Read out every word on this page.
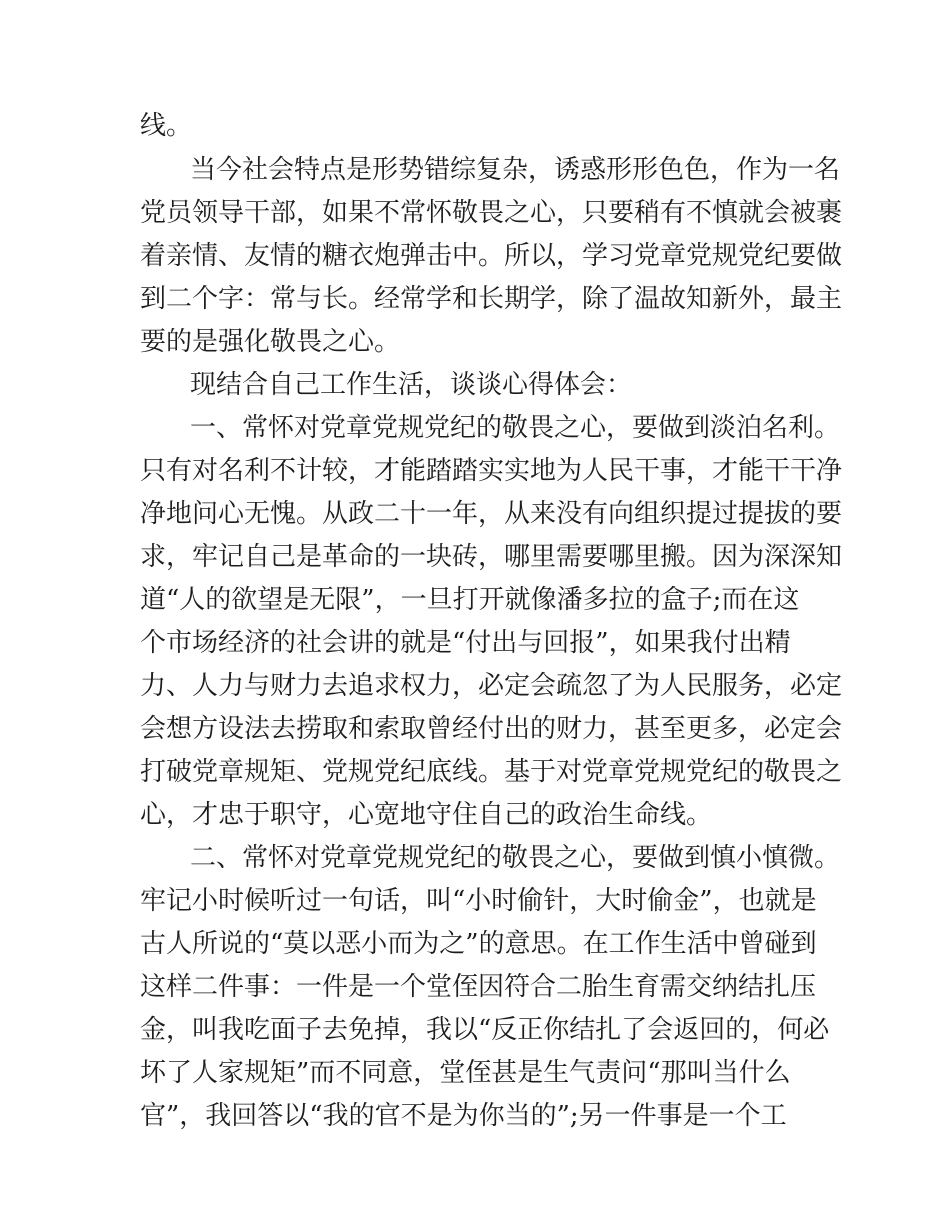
线。
当今社会特点是形势错综复杂，诱惑形形色色，作为一名
党员领导干部，如果不常怀敬畏之心，只要稍有不慎就会被裹
着亲情、友情的糖衣炮弹击中。所以，学习党章党规党纪要做
到二个字：常与长。经常学和长期学，除了温故知新外，最主
要的是强化敬畏之心。
现结合自己工作生活，谈谈心得体会：
一、常怀对党章党规党纪的敬畏之心，要做到淡泊名利。
只有对名利不计较，才能踏踏实实地为人民干事，才能干干净
净地问心无愧。从政二十一年，从来没有向组织提过提拔的要
求，牢记自己是革命的一块砖，哪里需要哪里搬。因为深深知
道“人的欲望是无限”，一旦打开就像潘多拉的盒子;而在这
个市场经济的社会讲的就是“付出与回报”，如果我付出精
力、人力与财力去追求权力，必定会疏忽了为人民服务，必定
会想方设法去捞取和索取曾经付出的财力，甚至更多，必定会
打破党章规矩、党规党纪底线。基于对党章党规党纪的敬畏之
心，才忠于职守，心宽地守住自己的政治生命线。
二、常怀对党章党规党纪的敬畏之心，要做到慎小慎微。
牢记小时候听过一句话，叫“小时偷针，大时偷金”，也就是
古人所说的“莫以恶小而为之”的意思。在工作生活中曾碰到
这样二件事：一件是一个堂侄因符合二胎生育需交纳结扎压
金，叫我吃面子去免掉，我以“反正你结扎了会返回的，何必
坏了人家规矩”而不同意，堂侄甚是生气责问“那叫当什么
官”，我回答以“我的官不是为你当的”;另一件事是一个工
